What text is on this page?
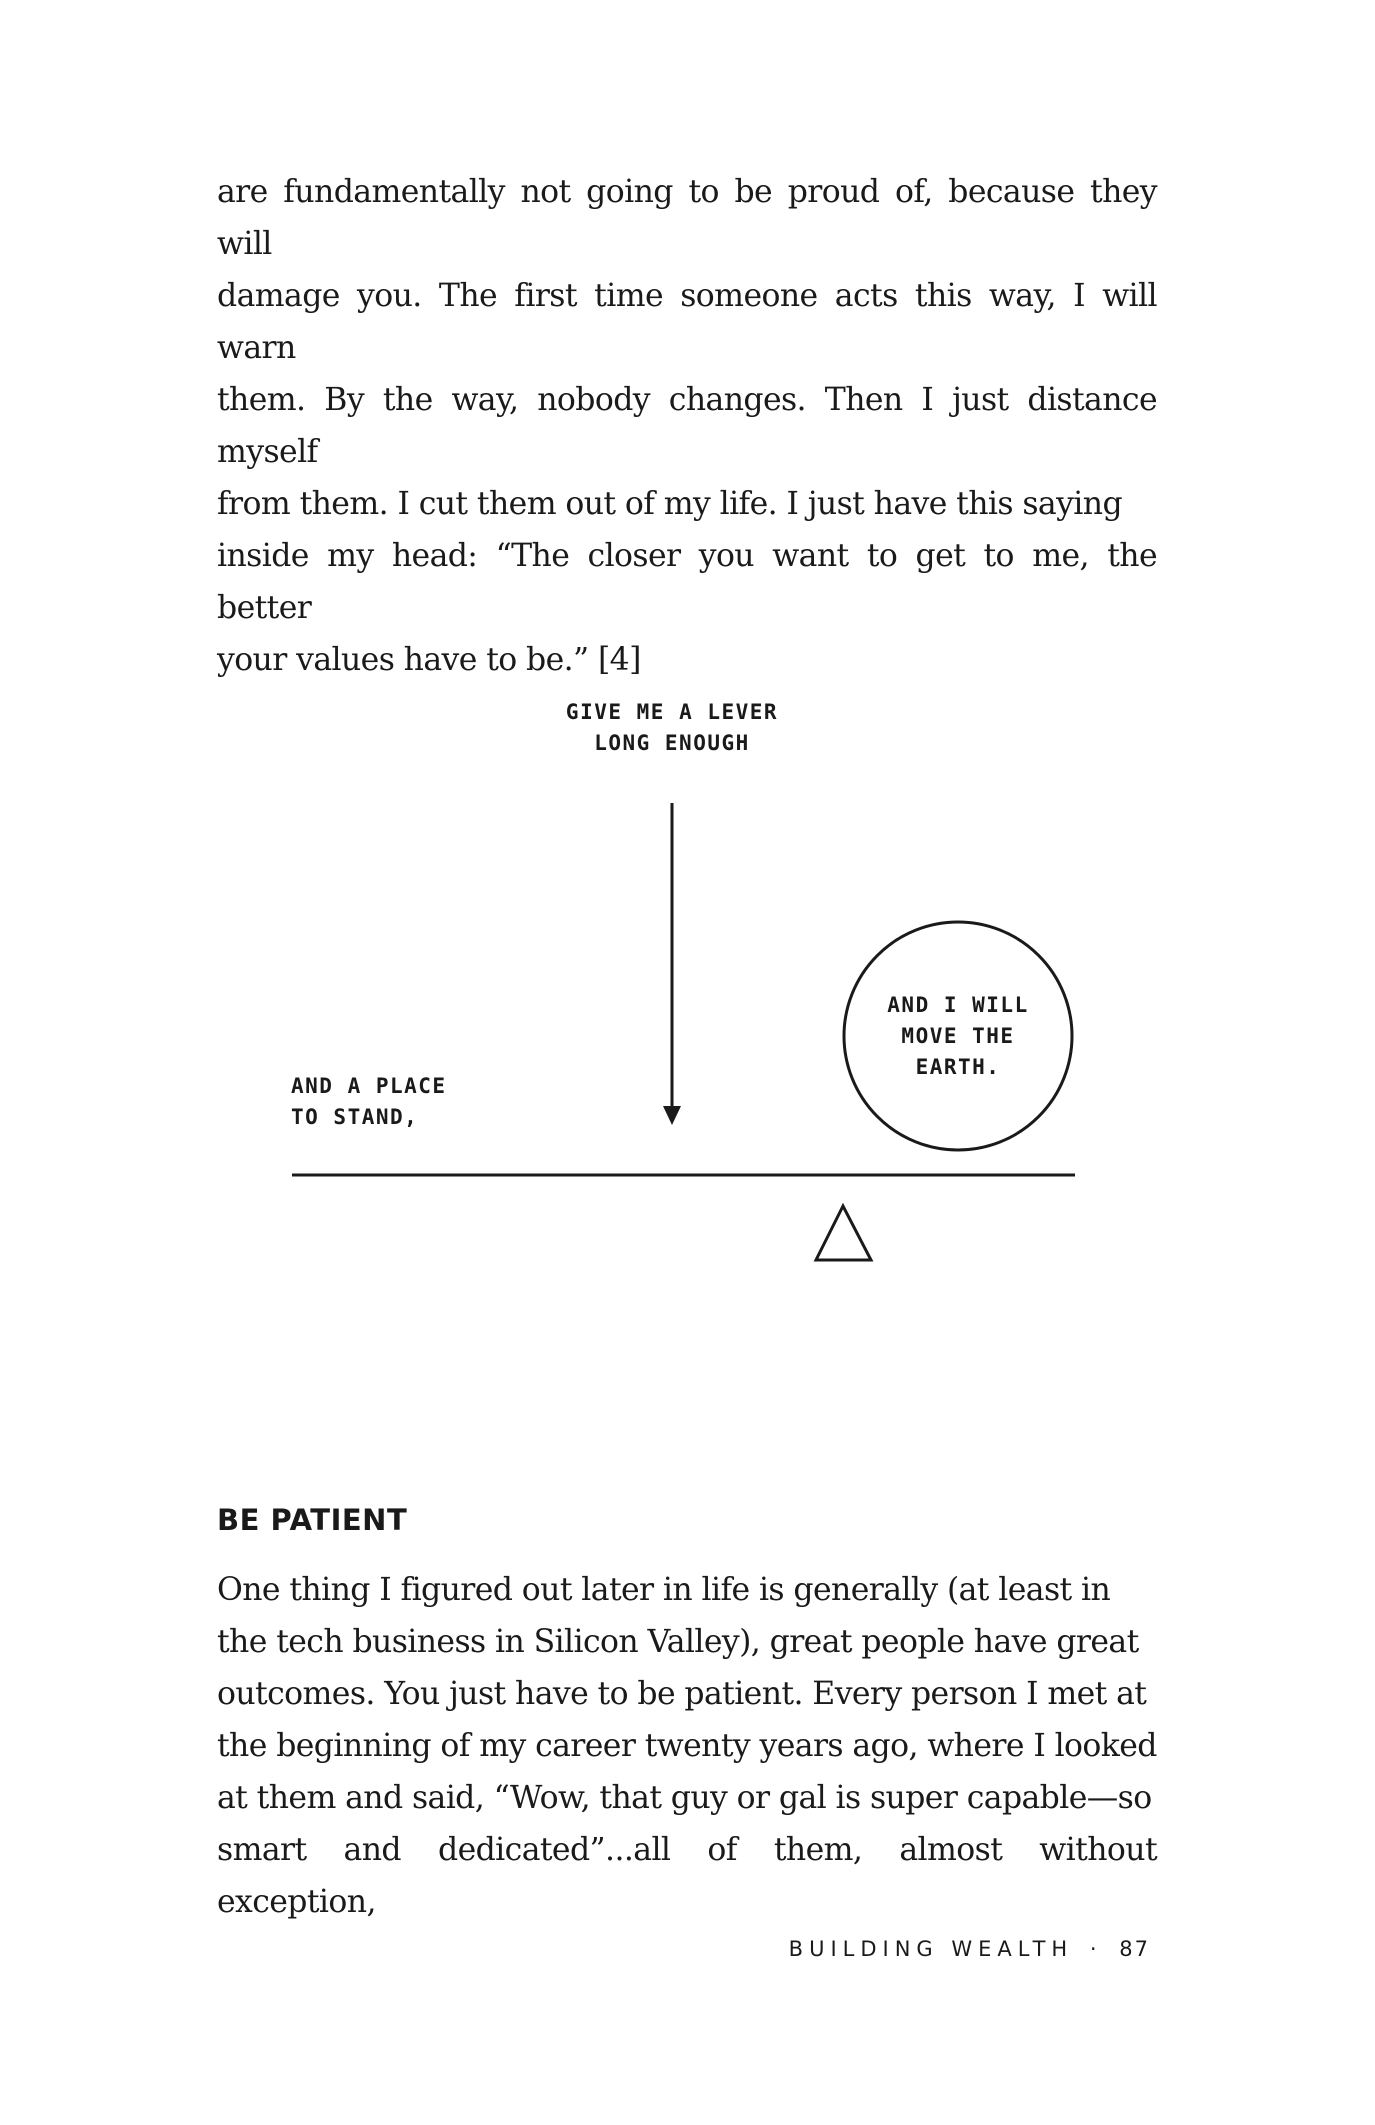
are fundamentally not going to be proud of, because they will
damage you. The first time someone acts this way, I will warn
them. By the way, nobody changes. Then I just distance myself
from them. I cut them out of my life. I just have this saying
inside my head: “The closer you want to get to me, the better
your values have to be.” [4]

GIVE ME A LEVER
LONG ENOUGH
AND I WILL
MOVE THE
EARTH.
AND A PLACE
TO STAND,
BE PATIENT

One thing I figured out later in life is generally (at least in
the tech business in Silicon Valley), great people have great
outcomes. You just have to be patient. Every person I met at
the beginning of my career twenty years ago, where I looked
at them and said, “Wow, that guy or gal is super capable—so
smart and dedicated”...all of them, almost without exception,

BUILDING WEALTH · 87
